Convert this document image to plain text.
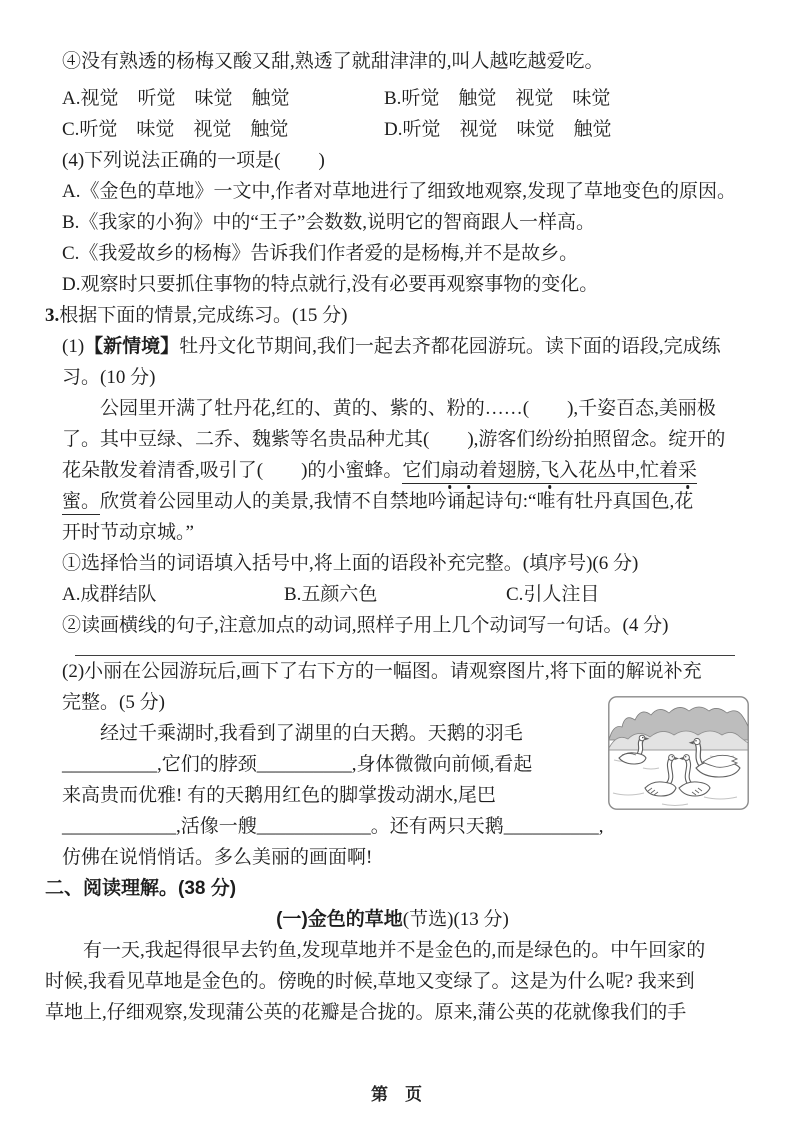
④没有熟透的杨梅又酸又甜,熟透了就甜津津的,叫人越吃越爱吃。
A.视觉　听觉　味觉　触觉	B.听觉　触觉　视觉　味觉
C.听觉　味觉　视觉　触觉	D.听觉　视觉　味觉　触觉
(4)下列说法正确的一项是(　　)
A.《金色的草地》一文中,作者对草地进行了细致地观察,发现了草地变色的原因。
B.《我家的小狗》中的“王子”会数数,说明它的智商跟人一样高。
C.《我爱故乡的杨梅》告诉我们作者爱的是杨梅,并不是故乡。
D.观察时只要抓住事物的特点就行,没有必要再观察事物的变化。
3.根据下面的情景,完成练习。(15 分)
(1)【新情境】牡丹文化节期间,我们一起去齐都花园游玩。读下面的语段,完成练
习。(10 分)
公园里开满了牡丹花,红的、黄的、紫的、粉的……(　　),千姿百态,美丽极
了。其中豆绿、二乔、魏紫等名贵品种尤其(　　),游客们纷纷拍照留念。绽开的
花朵散发着清香,吸引了(　　)的小蜜蜂。它们扇动着翅膀,飞入花丛中,忙着采
蜜。欣赏着公园里动人的美景,我情不自禁地吟诵起诗句:“唯有牡丹真国色,花
开时节动京城。”
①选择恰当的词语填入括号中,将上面的语段补充完整。(填序号)(6 分)
A.成群结队	B.五颜六色	C.引人注目
②读画横线的句子,注意加点的动词,照样子用上几个动词写一句话。(4 分)
(2)小丽在公园游玩后,画下了右下方的一幅图。请观察图片,将下面的解说补充
完整。(5 分)
经过千乘湖时,我看到了湖里的白天鹅。天鹅的羽毛
__________,它们的脖颈__________,身体微微向前倾,看起
来高贵而优雅! 有的天鹅用红色的脚掌拨动湖水,尾巴
____________,活像一艘____________。还有两只天鹅__________,
仿佛在说悄悄话。多么美丽的画面啊!
二、阅读理解。(38 分)
(一)金色的草地(节选)(13 分)
有一天,我起得很早去钓鱼,发现草地并不是金色的,而是绿色的。中午回家的
时候,我看见草地是金色的。傍晚的时候,草地又变绿了。这是为什么呢? 我来到
草地上,仔细观察,发现蒲公英的花瓣是合拢的。原来,蒲公英的花就像我们的手
第　页
